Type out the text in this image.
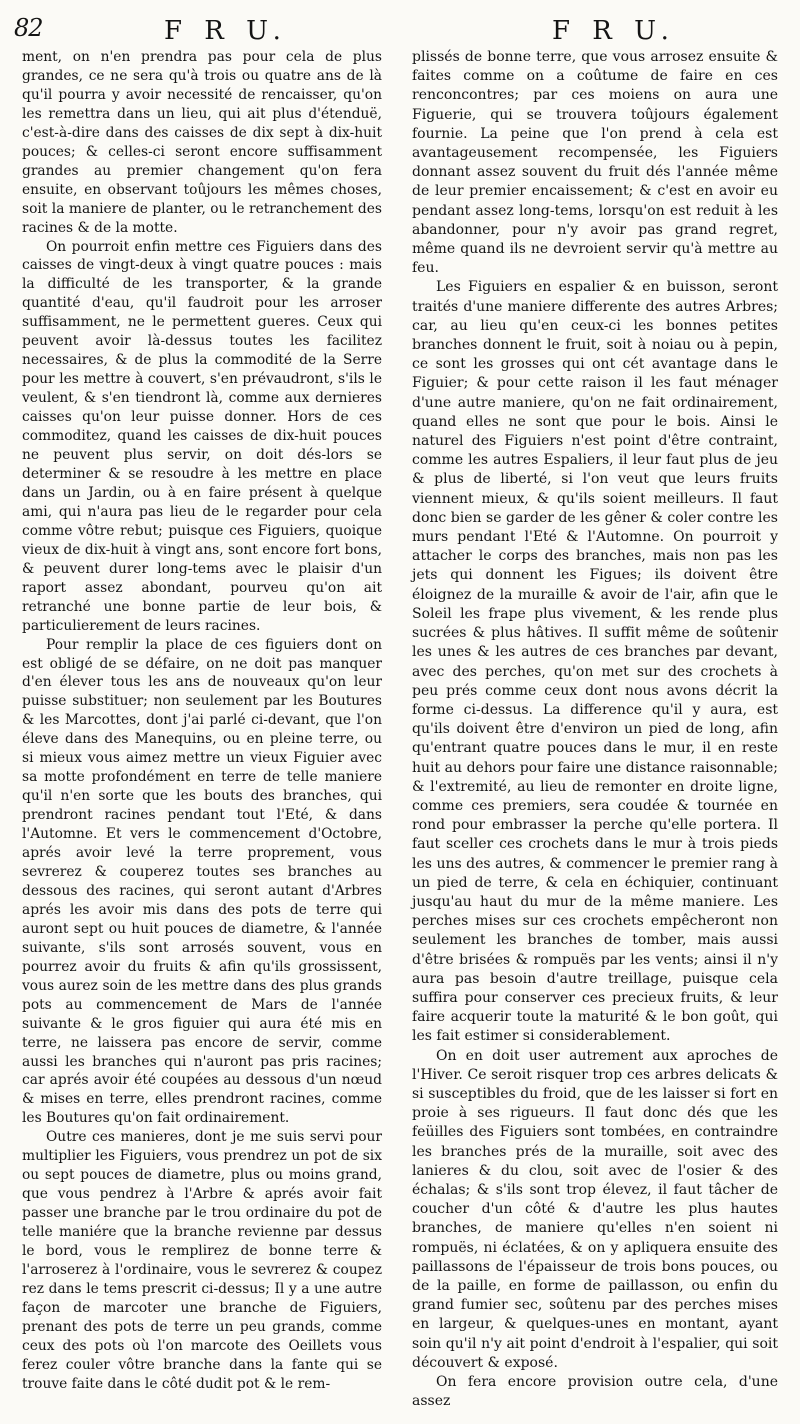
82	F R U.	F R U.

ment, on n'en prendra pas pour cela de plus grandes, ce ne sera qu'à trois ou quatre ans de là qu'il pourra y avoir necessité de rencaisser, qu'on les remettra dans un lieu, qui ait plus d'étenduë, c'est-à-dire dans des caisses de dix sept à dix-huit pouces; & celles-ci seront encore suffisamment grandes au premier changement qu'on fera ensuite, en observant toûjours les mêmes choses, soit la maniere de planter, ou le retranchement des racines & de la motte.

On pourroit enfin mettre ces Figuiers dans des caisses de vingt-deux à vingt quatre pouces : mais la difficulté de les transporter, & la grande quantité d'eau, qu'il faudroit pour les arroser suffisamment, ne le permettent gueres. Ceux qui peuvent avoir là-dessus toutes les facilitez necessaires, & de plus la commodité de la Serre pour les mettre à couvert, s'en prévaudront, s'ils le veulent, & s'en tiendront là, comme aux dernieres caisses qu'on leur puisse donner. Hors de ces commoditez, quand les caisses de dix-huit pouces ne peuvent plus servir, on doit dés-lors se determiner & se resoudre à les mettre en place dans un Jardin, ou à en faire présent à quelque ami, qui n'aura pas lieu de le regarder pour cela comme vôtre rebut; puisque ces Figuiers, quoique vieux de dix-huit à vingt ans, sont encore fort bons, & peuvent durer long-tems avec le plaisir d'un raport assez abondant, pourveu qu'on ait retranché une bonne partie de leur bois, & particulierement de leurs racines.

Pour remplir la place de ces figuiers dont on est obligé de se défaire, on ne doit pas manquer d'en élever tous les ans de nouveaux qu'on leur puisse substituer; non seulement par les Boutures & les Marcottes, dont j'ai parlé ci-devant, que l'on éleve dans des Manequins, ou en pleine terre, ou si mieux vous aimez mettre un vieux Figuier avec sa motte profondément en terre de telle maniere qu'il n'en sorte que les bouts des branches, qui prendront racines pendant tout l'Eté, & dans l'Automne. Et vers le commencement d'Octobre, aprés avoir levé la terre proprement, vous sevrerez & couperez toutes ses branches au dessous des racines, qui seront autant d'Arbres aprés les avoir mis dans des pots de terre qui auront sept ou huit pouces de diametre, & l'année suivante, s'ils sont arrosés souvent, vous en pourrez avoir du fruits & afin qu'ils grossissent, vous aurez soin de les mettre dans des plus grands pots au commencement de Mars de l'année suivante & le gros figuier qui aura été mis en terre, ne laissera pas encore de servir, comme aussi les branches qui n'auront pas pris racines; car aprés avoir été coupées au dessous d'un nœud & mises en terre, elles prendront racines, comme les Boutures qu'on fait ordinairement.

Outre ces manieres, dont je me suis servi pour multiplier les Figuiers, vous prendrez un pot de six ou sept pouces de diametre, plus ou moins grand, que vous pendrez à l'Arbre & aprés avoir fait passer une branche par le trou ordinaire du pot de telle maniére que la branche revienne par dessus le bord, vous le remplirez de bonne terre & l'arroserez à l'ordinaire, vous le sevrerez & coupez rez dans le tems prescrit ci-dessus; Il y a une autre façon de marcoter une branche de Figuiers, prenant des pots de terre un peu grands, comme ceux des pots où l'on marcote des Oeillets vous ferez couler vôtre branche dans la fante qui se trouve faite dans le côté dudit pot & le rem-

plissés de bonne terre, que vous arrosez ensuite & faites comme on a coûtume de faire en ces renconcontres; par ces moiens on aura une Figuerie, qui se trouvera toûjours également fournie. La peine que l'on prend à cela est avantageusement recompensée, les Figuiers donnant assez souvent du fruit dés l'année même de leur premier encaissement; & c'est en avoir eu pendant assez long-tems, lorsqu'on est reduit à les abandonner, pour n'y avoir pas grand regret, même quand ils ne devroient servir qu'à mettre au feu.

Les Figuiers en espalier & en buisson, seront traités d'une maniere differente des autres Arbres; car, au lieu qu'en ceux-ci les bonnes petites branches donnent le fruit, soit à noiau ou à pepin, ce sont les grosses qui ont cét avantage dans le Figuier; & pour cette raison il les faut ménager d'une autre maniere, qu'on ne fait ordinairement, quand elles ne sont que pour le bois. Ainsi le naturel des Figuiers n'est point d'être contraint, comme les autres Espaliers, il leur faut plus de jeu & plus de liberté, si l'on veut que leurs fruits viennent mieux, & qu'ils soient meilleurs. Il faut donc bien se garder de les gêner & coler contre les murs pendant l'Eté & l'Automne. On pourroit y attacher le corps des branches, mais non pas les jets qui donnent les Figues; ils doivent être éloignez de la muraille & avoir de l'air, afin que le Soleil les frape plus vivement, & les rende plus sucrées & plus hâtives. Il suffit même de soûtenir les unes & les autres de ces branches par devant, avec des perches, qu'on met sur des crochets à peu prés comme ceux dont nous avons décrit la forme ci-dessus. La difference qu'il y aura, est qu'ils doivent être d'environ un pied de long, afin qu'entrant quatre pouces dans le mur, il en reste huit au dehors pour faire une distance raisonnable; & l'extremité, au lieu de remonter en droite ligne, comme ces premiers, sera coudée & tournée en rond pour embrasser la perche qu'elle portera. Il faut sceller ces crochets dans le mur à trois pieds les uns des autres, & commencer le premier rang à un pied de terre, & cela en échiquier, continuant jusqu'au haut du mur de la même maniere. Les perches mises sur ces crochets empêcheront non seulement les branches de tomber, mais aussi d'être brisées & rompuës par les vents; ainsi il n'y aura pas besoin d'autre treillage, puisque cela suffira pour conserver ces precieux fruits, & leur faire acquerir toute la maturité & le bon goût, qui les fait estimer si considerablement.

On en doit user autrement aux aproches de l'Hiver. Ce seroit risquer trop ces arbres delicats & si susceptibles du froid, que de les laisser si fort en proie à ses rigueurs. Il faut donc dés que les feüilles des Figuiers sont tombées, en contraindre les branches prés de la muraille, soit avec des lanieres & du clou, soit avec de l'osier & des échalas; & s'ils sont trop élevez, il faut tâcher de coucher d'un côté & d'autre les plus hautes branches, de maniere qu'elles n'en soient ni rompuës, ni éclatées, & on y apliquera ensuite des paillassons de l'épaisseur de trois bons pouces, ou de la paille, en forme de paillasson, ou enfin du grand fumier sec, soûtenu par des perches mises en largeur, & quelques-unes en montant, ayant soin qu'il n'y ait point d'endroit à l'espalier, qui soit découvert & exposé.

On fera encore provision outre cela, d'une assez
